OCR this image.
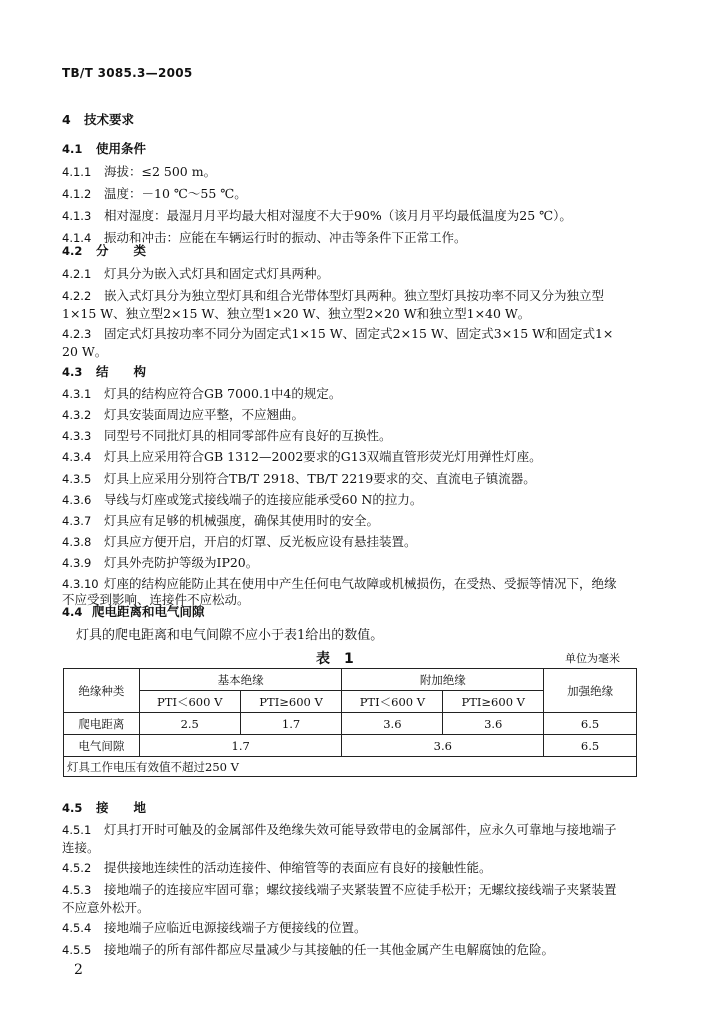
TB/T 3085.3—2005
4 技术要求
4.1 使用条件
4.1.1 海拔：≤2 500 m。
4.1.2 温度：－10 ℃～55 ℃。
4.1.3 相对湿度：最湿月月平均最大相对湿度不大于90%（该月月平均最低温度为25 ℃）。
4.1.4 振动和冲击：应能在车辆运行时的振动、冲击等条件下正常工作。
4.2 分　　类
4.2.1 灯具分为嵌入式灯具和固定式灯具两种。
4.2.2 嵌入式灯具分为独立型灯具和组合光带体型灯具两种。独立型灯具按功率不同又分为独立型
1×15 W、独立型2×15 W、独立型1×20 W、独立型2×20 W和独立型1×40 W。
4.2.3 固定式灯具按功率不同分为固定式1×15 W、固定式2×15 W、固定式3×15 W和固定式1×
20 W。
4.3 结　　构
4.3.1 灯具的结构应符合GB 7000.1中4的规定。
4.3.2 灯具安装面周边应平整，不应翘曲。
4.3.3 同型号不同批灯具的相同零部件应有良好的互换性。
4.3.4 灯具上应采用符合GB 1312—2002要求的G13双端直管形荧光灯用弹性灯座。
4.3.5 灯具上应采用分别符合TB/T 2918、TB/T 2219要求的交、直流电子镇流器。
4.3.6 导线与灯座或笼式接线端子的连接应能承受60 N的拉力。
4.3.7 灯具应有足够的机械强度，确保其使用时的安全。
4.3.8 灯具应方便开启，开启的灯罩、反光板应设有悬挂装置。
4.3.9 灯具外壳防护等级为IP20。
4.3.10 灯座的结构应能防止其在使用中产生任何电气故障或机械损伤，在受热、受振等情况下，绝缘
不应受到影响、连接件不应松动。
4.4 爬电距离和电气间隙
灯具的爬电距离和电气间隙不应小于表1给出的数值。
表　1	单位为毫米
绝缘种类	基本绝缘		附加绝缘		加强绝缘
	PTI＜600 V	PTI≥600 V	PTI＜600 V	PTI≥600 V	
爬电距离	2.5	1.7	3.6	3.6	6.5
电气间隙	1.7		3.6		6.5
灯具工作电压有效值不超过250 V					
4.5 接　　地
4.5.1 灯具打开时可触及的金属部件及绝缘失效可能导致带电的金属部件，应永久可靠地与接地端子
连接。
4.5.2 提供接地连续性的活动连接件、伸缩管等的表面应有良好的接触性能。
4.5.3 接地端子的连接应牢固可靠；螺纹接线端子夹紧装置不应徒手松开；无螺纹接线端子夹紧装置
不应意外松开。
4.5.4 接地端子应临近电源接线端子方便接线的位置。
4.5.5 接地端子的所有部件都应尽量减少与其接触的任一其他金属产生电解腐蚀的危险。
2
